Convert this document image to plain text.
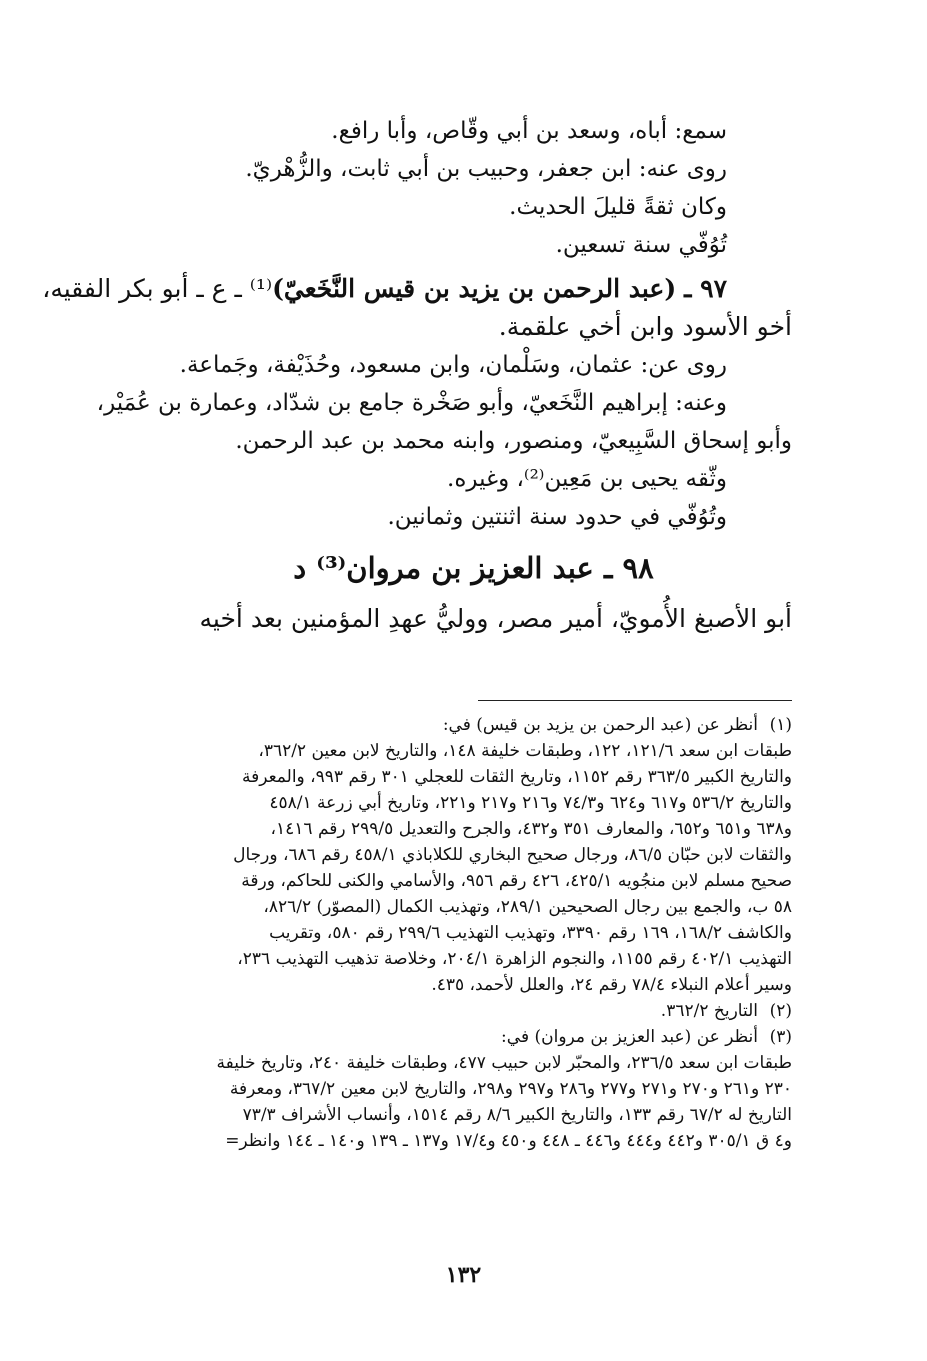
سمع: أباه، وسعد بن أبي وقّاص، وأبا رافع.
روى عنه: ابن جعفر، وحبيب بن أبي ثابت، والزُّهْريّ.
وكان ثقةً قليلَ الحديث.
تُوُفّي سنة تسعين.
٩٧ ـ (عبد الرحمن بن يزيد بن قيس النَّخَعيّ)⁽¹⁾ ـ ع ـ أبو بكر الفقيه،
أخو الأسود وابن أخي علقمة.
روى عن: عثمان، وسَلْمان، وابن مسعود، وحُذَيْفة، وجَماعة.
وعنه: إبراهيم النَّخَعيّ، وأبو صَخْرة جامع بن شدّاد، وعمارة بن عُمَيْر،
وأبو إسحاق السَّبِيعيّ، ومنصور، وابنه محمد بن عبد الرحمن.
وثّقه يحيى بن مَعِين⁽²⁾، وغيره.
وتُوُفّي في حدود سنة اثنتين وثمانين.
٩٨ ـ عبد العزيز بن مروان⁽³⁾ د
أبو الأصبغ الأُمويّ، أمير مصر، ووليُّ عهدِ المؤمنين بعد أخيه
(١)أنظر عن (عبد الرحمن بن يزيد بن قيس) في:
طبقات ابن سعد ١٢١/٦، ١٢٢، وطبقات خليفة ١٤٨، والتاريخ لابن معين ٣٦٢/٢،
والتاريخ الكبير ٣٦٣/٥ رقم ١١٥٢، وتاريخ الثقات للعجلي ٣٠١ رقم ٩٩٣، والمعرفة
والتاريخ ٥٣٦/٢ و٦١٧ و٦٢٤ و٧٤/٣ و٢١٦ و٢١٧ و٢٢١، وتاريخ أبي زرعة ٤٥٨/١
و٦٣٨ و٦٥١ و٦٥٢، والمعارف ٣٥١ و٤٣٢، والجرح والتعديل ٢٩٩/٥ رقم ١٤١٦،
والثقات لابن حبّان ٨٦/٥، ورجال صحيح البخاري للكلاباذي ٤٥٨/١ رقم ٦٨٦، ورجال
صحيح مسلم لابن منجُويه ٤٢٥/١، ٤٢٦ رقم ٩٥٦، والأسامي والكنى للحاكم، ورقة
٥٨ ب، والجمع بين رجال الصحيحين ٢٨٩/١، وتهذيب الكمال (المصوّر) ٨٢٦/٢،
والكاشف ١٦٨/٢، ١٦٩ رقم ٣٣٩٠، وتهذيب التهذيب ٢٩٩/٦ رقم ٥٨٠، وتقريب
التهذيب ٤٠٢/١ رقم ١١٥٥، والنجوم الزاهرة ٢٠٤/١، وخلاصة تذهيب التهذيب ٢٣٦،
وسير أعلام النبلاء ٧٨/٤ رقم ٢٤، والعلل لأحمد، ٤٣٥.
(٢)التاريخ ٣٦٢/٢.
(٣)أنظر عن (عبد العزيز بن مروان) في:
طبقات ابن سعد ٢٣٦/٥، والمحبّر لابن حبيب ٤٧٧، وطبقات خليفة ٢٤٠، وتاريخ خليفة
٢٣٠ و٢٦١ و٢٧٠ و٢٧١ و٢٧٧ و٢٨٦ و٢٩٧ و٢٩٨، والتاريخ لابن معين ٣٦٧/٢، ومعرفة
التاريخ له ٦٧/٢ رقم ١٣٣، والتاريخ الكبير ٨/٦ رقم ١٥١٤، وأنساب الأشراف ٧٣/٣
و٤ ق ٣٠٥/١ و٤٤٢ و٤٤٤ و٤٤٦ ـ ٤٤٨ و٤٥٠ و١٧/٤ و١٣٧ ـ ١٣٩ و١٤٠ ـ ١٤٤ وانظر=
١٣٢
